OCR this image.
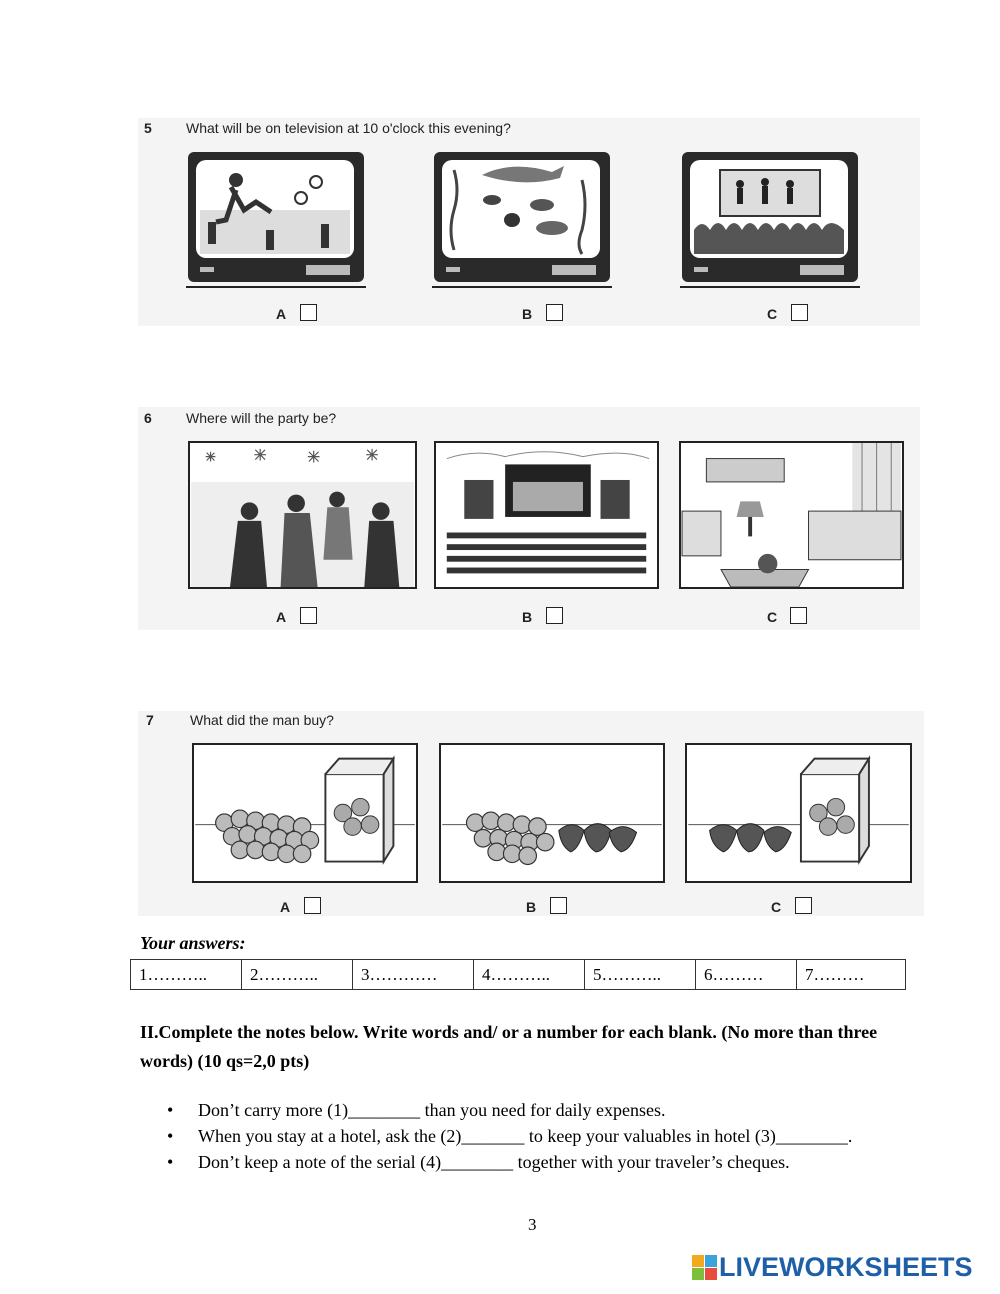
5 What will be on television at 10 o'clock this evening?
A	B	C
6 Where will the party be?
A	B	C
7	What did the man buy?
A	B	C
Your answers:
1………..	2………..	3…………	4………..	5………..	6………	7………
II.Complete the notes below. Write words and/ or a number for each blank. (No more than three words) (10 qs=2,0 pts)
• Don’t carry more (1)________ than you need for daily expenses.
• When you stay at a hotel, ask the (2)_______ to keep your valuables in hotel (3)________.
• Don’t keep a note of the serial (4)________ together with your traveler’s cheques.
3
LIVEWORKSHEETS
